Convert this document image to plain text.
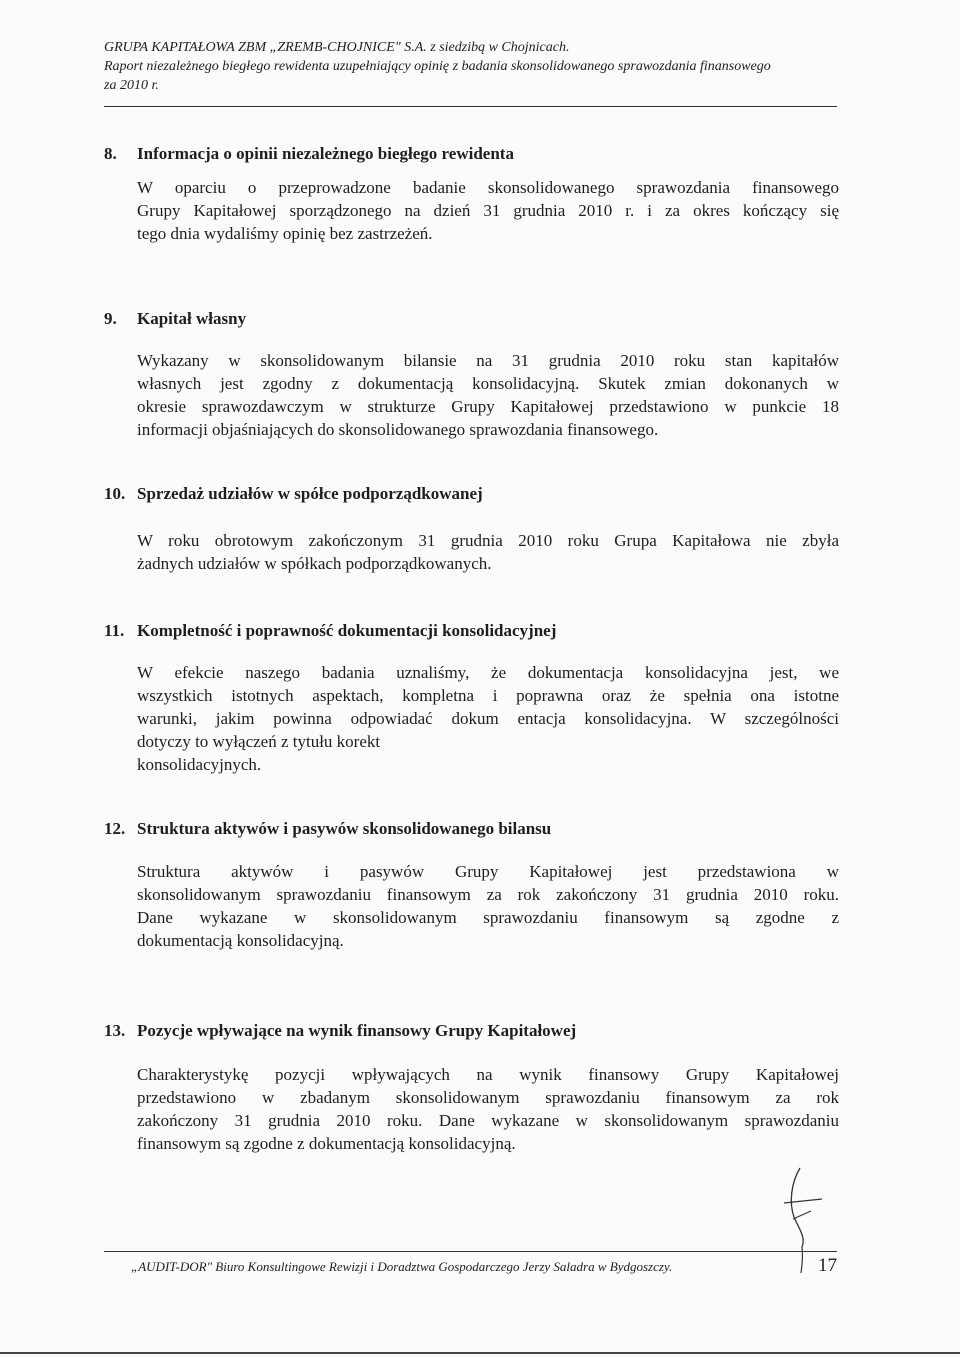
GRUPA KAPITAŁOWA ZBM „ZREMB-CHOJNICE" S.A. z siedzibą w Chojnicach.
Raport niezależnego biegłego rewidenta uzupełniający opinię z badania skonsolidowanego sprawozdania finansowego
za 2010 r.
8. Informacja o opinii niezależnego biegłego rewidenta
W oparciu o przeprowadzone badanie skonsolidowanego sprawozdania finansowego
Grupy Kapitałowej sporządzonego na dzień 31 grudnia 2010 r. i za okres kończący się
tego dnia wydaliśmy opinię bez zastrzeżeń.
9. Kapitał własny
Wykazany w skonsolidowanym bilansie na 31 grudnia 2010 roku stan kapitałów
własnych jest zgodny z dokumentacją konsolidacyjną. Skutek zmian dokonanych w
okresie sprawozdawczym w strukturze Grupy Kapitałowej przedstawiono w punkcie 18
informacji objaśniających do skonsolidowanego sprawozdania finansowego.
10. Sprzedaż udziałów w spółce podporządkowanej
W roku obrotowym zakończonym 31 grudnia 2010 roku Grupa Kapitałowa nie zbyła
żadnych udziałów w spółkach podporządkowanych.
11. Kompletność i poprawność dokumentacji konsolidacyjnej
W efekcie naszego badania uznaliśmy, że dokumentacja konsolidacyjna jest, we
wszystkich istotnych aspektach, kompletna i poprawna oraz że spełnia ona istotne
warunki, jakim powinna odpowiadać dokum entacja konsolidacyjna. W szczególności
dotyczy to wyłączeń z tytułu korekt
konsolidacyjnych.
12. Struktura aktywów i pasywów skonsolidowanego bilansu
Struktura aktywów i pasywów Grupy Kapitałowej jest przedstawiona w
skonsolidowanym sprawozdaniu finansowym za rok zakończony 31 grudnia 2010 roku.
Dane wykazane w skonsolidowanym sprawozdaniu finansowym są zgodne z
dokumentacją konsolidacyjną.
13. Pozycje wpływające na wynik finansowy Grupy Kapitałowej
Charakterystykę pozycji wpływających na wynik finansowy Grupy Kapitałowej
przedstawiono w zbadanym skonsolidowanym sprawozdaniu finansowym za rok
zakończony 31 grudnia 2010 roku. Dane wykazane w skonsolidowanym sprawozdaniu
finansowym są zgodne z dokumentacją konsolidacyjną.
„AUDIT-DOR" Biuro Konsultingowe Rewizji i Doradztwa Gospodarczego Jerzy Saladra w Bydgoszczy.	17
